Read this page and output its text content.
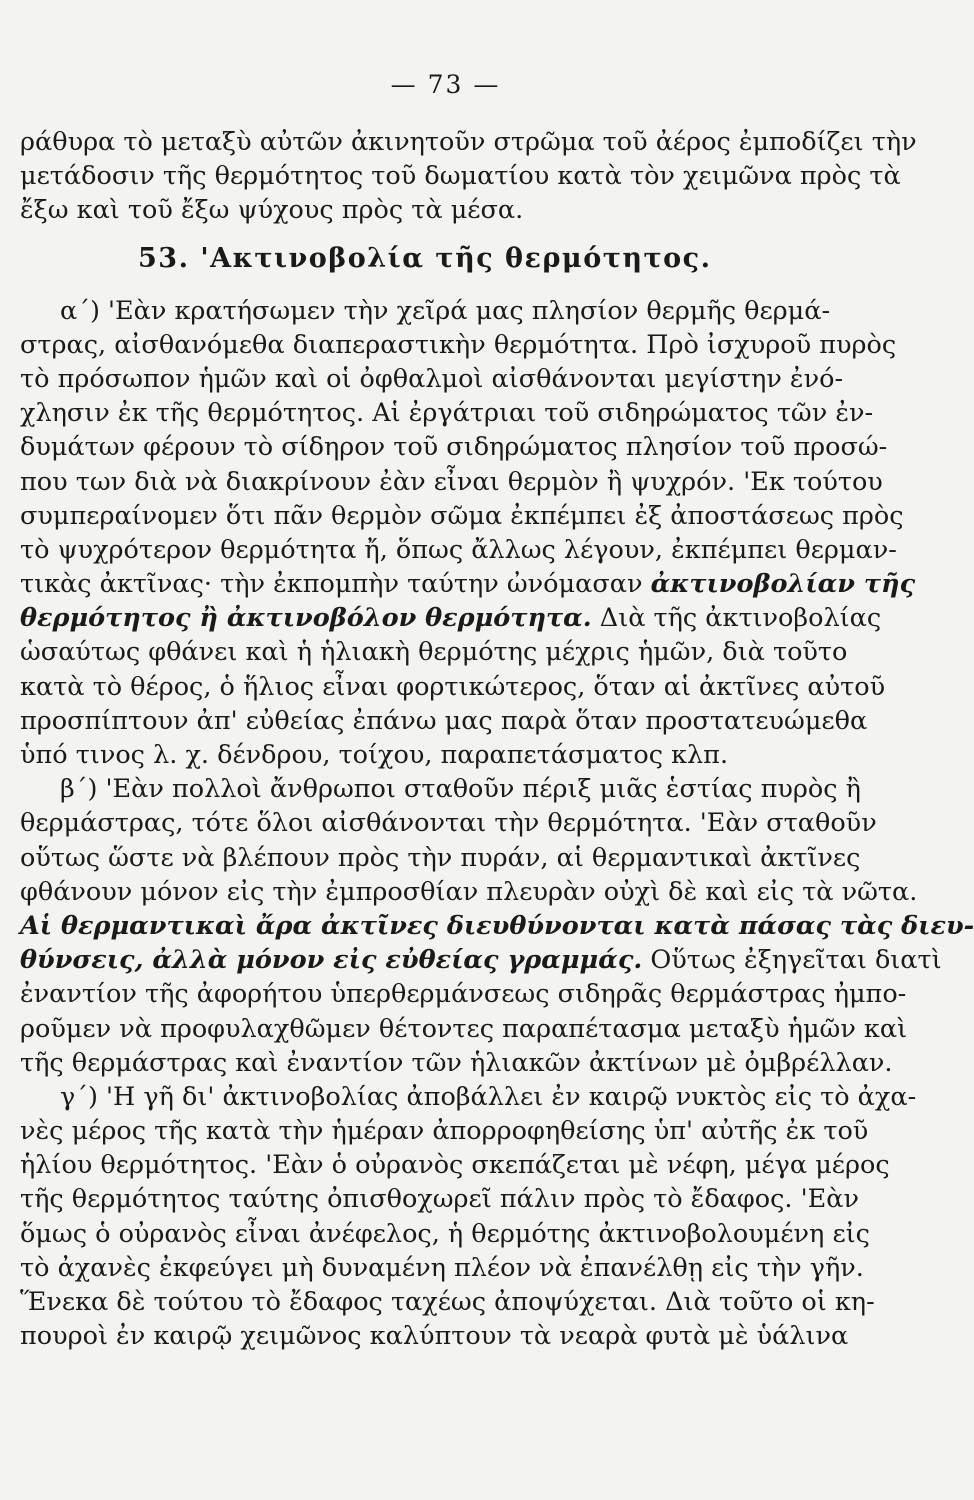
— 73 —
ράθυρα τὸ μεταξὺ αὐτῶν ἀκινητοῦν στρῶμα τοῦ ἀέρος ἐμποδίζει τὴν
μετάδοσιν τῆς θερμότητος τοῦ δωματίου κατὰ τὸν χειμῶνα πρὸς τὰ
ἔξω καὶ τοῦ ἔξω ψύχους πρὸς τὰ μέσα.
53. 'Ακτινοβολία τῆς θερμότητος.
α΄) 'Εὰν κρατήσωμεν τὴν χεῖρά μας πλησίον θερμῆς θερμά-
στρας, αἰσθανόμεθα διαπεραστικὴν θερμότητα. Πρὸ ἰσχυροῦ πυρὸς
τὸ πρόσωπον ἡμῶν καὶ οἱ ὀφθαλμοὶ αἰσθάνονται μεγίστην ἐνό-
χλησιν ἐκ τῆς θερμότητος. Αἱ ἐργάτριαι τοῦ σιδηρώματος τῶν ἐν-
δυμάτων φέρουν τὸ σίδηρον τοῦ σιδηρώματος πλησίον τοῦ προσώ-
που των διὰ νὰ διακρίνουν ἐὰν εἶναι θερμὸν ἢ ψυχρόν. 'Εκ τούτου
συμπεραίνομεν ὅτι πᾶν θερμὸν σῶμα ἐκπέμπει ἐξ ἀποστάσεως πρὸς
τὸ ψυχρότερον θερμότητα ἤ, ὅπως ἄλλως λέγουν, ἐκπέμπει θερμαν-
τικὰς ἀκτῖνας· τὴν ἐκπομπὴν ταύτην ὠνόμασαν ἀκτινοβολίαν τῆς
θερμότητος ἢ ἀκτινοβόλον θερμότητα. Διὰ τῆς ἀκτινοβολίας
ὡσαύτως φθάνει καὶ ἡ ἡλιακὴ θερμότης μέχρις ἡμῶν, διὰ τοῦτο
κατὰ τὸ θέρος, ὁ ἥλιος εἶναι φορτικώτερος, ὅταν αἱ ἀκτῖνες αὐτοῦ
προσπίπτουν ἀπ' εὐθείας ἐπάνω μας παρὰ ὅταν προστατευώμεθα
ὑπό τινος λ. χ. δένδρου, τοίχου, παραπετάσματος κλπ.
β΄) 'Εὰν πολλοὶ ἄνθρωποι σταθοῦν πέριξ μιᾶς ἑστίας πυρὸς ἢ
θερμάστρας, τότε ὅλοι αἰσθάνονται τὴν θερμότητα. 'Εὰν σταθοῦν
οὕτως ὥστε νὰ βλέπουν πρὸς τὴν πυράν, αἱ θερμαντικαὶ ἀκτῖνες
φθάνουν μόνον εἰς τὴν ἐμπροσθίαν πλευρὰν οὐχὶ δὲ καὶ εἰς τὰ νῶτα.
Αἱ θερμαντικαὶ ἄρα ἀκτῖνες διευθύνονται κατὰ πάσας τὰς διευ-
θύνσεις, ἀλλὰ μόνον εἰς εὐθείας γραμμάς. Οὕτως ἐξηγεῖται διατὶ
ἐναντίον τῆς ἀφορήτου ὑπερθερμάνσεως σιδηρᾶς θερμάστρας ἠμπο-
ροῦμεν νὰ προφυλαχθῶμεν θέτοντες παραπέτασμα μεταξὺ ἡμῶν καὶ
τῆς θερμάστρας καὶ ἐναντίον τῶν ἡλιακῶν ἀκτίνων μὲ ὀμβρέλλαν.
γ΄) 'Η γῆ δι' ἀκτινοβολίας ἀποβάλλει ἐν καιρῷ νυκτὸς εἰς τὸ ἀχα-
νὲς μέρος τῆς κατὰ τὴν ἡμέραν ἀπορροφηθείσης ὑπ' αὐτῆς ἐκ τοῦ
ἡλίου θερμότητος. 'Εὰν ὁ οὐρανὸς σκεπάζεται μὲ νέφη, μέγα μέρος
τῆς θερμότητος ταύτης ὀπισθοχωρεῖ πάλιν πρὸς τὸ ἔδαφος. 'Εὰν
ὅμως ὁ οὐρανὸς εἶναι ἀνέφελος, ἡ θερμότης ἀκτινοβολουμένη εἰς
τὸ ἀχανὲς ἐκφεύγει μὴ δυναμένη πλέον νὰ ἐπανέλθῃ εἰς τὴν γῆν.
Ἕνεκα δὲ τούτου τὸ ἔδαφος ταχέως ἀποψύχεται. Διὰ τοῦτο οἱ κη-
πουροὶ ἐν καιρῷ χειμῶνος καλύπτουν τὰ νεαρὰ φυτὰ μὲ ὑάλινα
